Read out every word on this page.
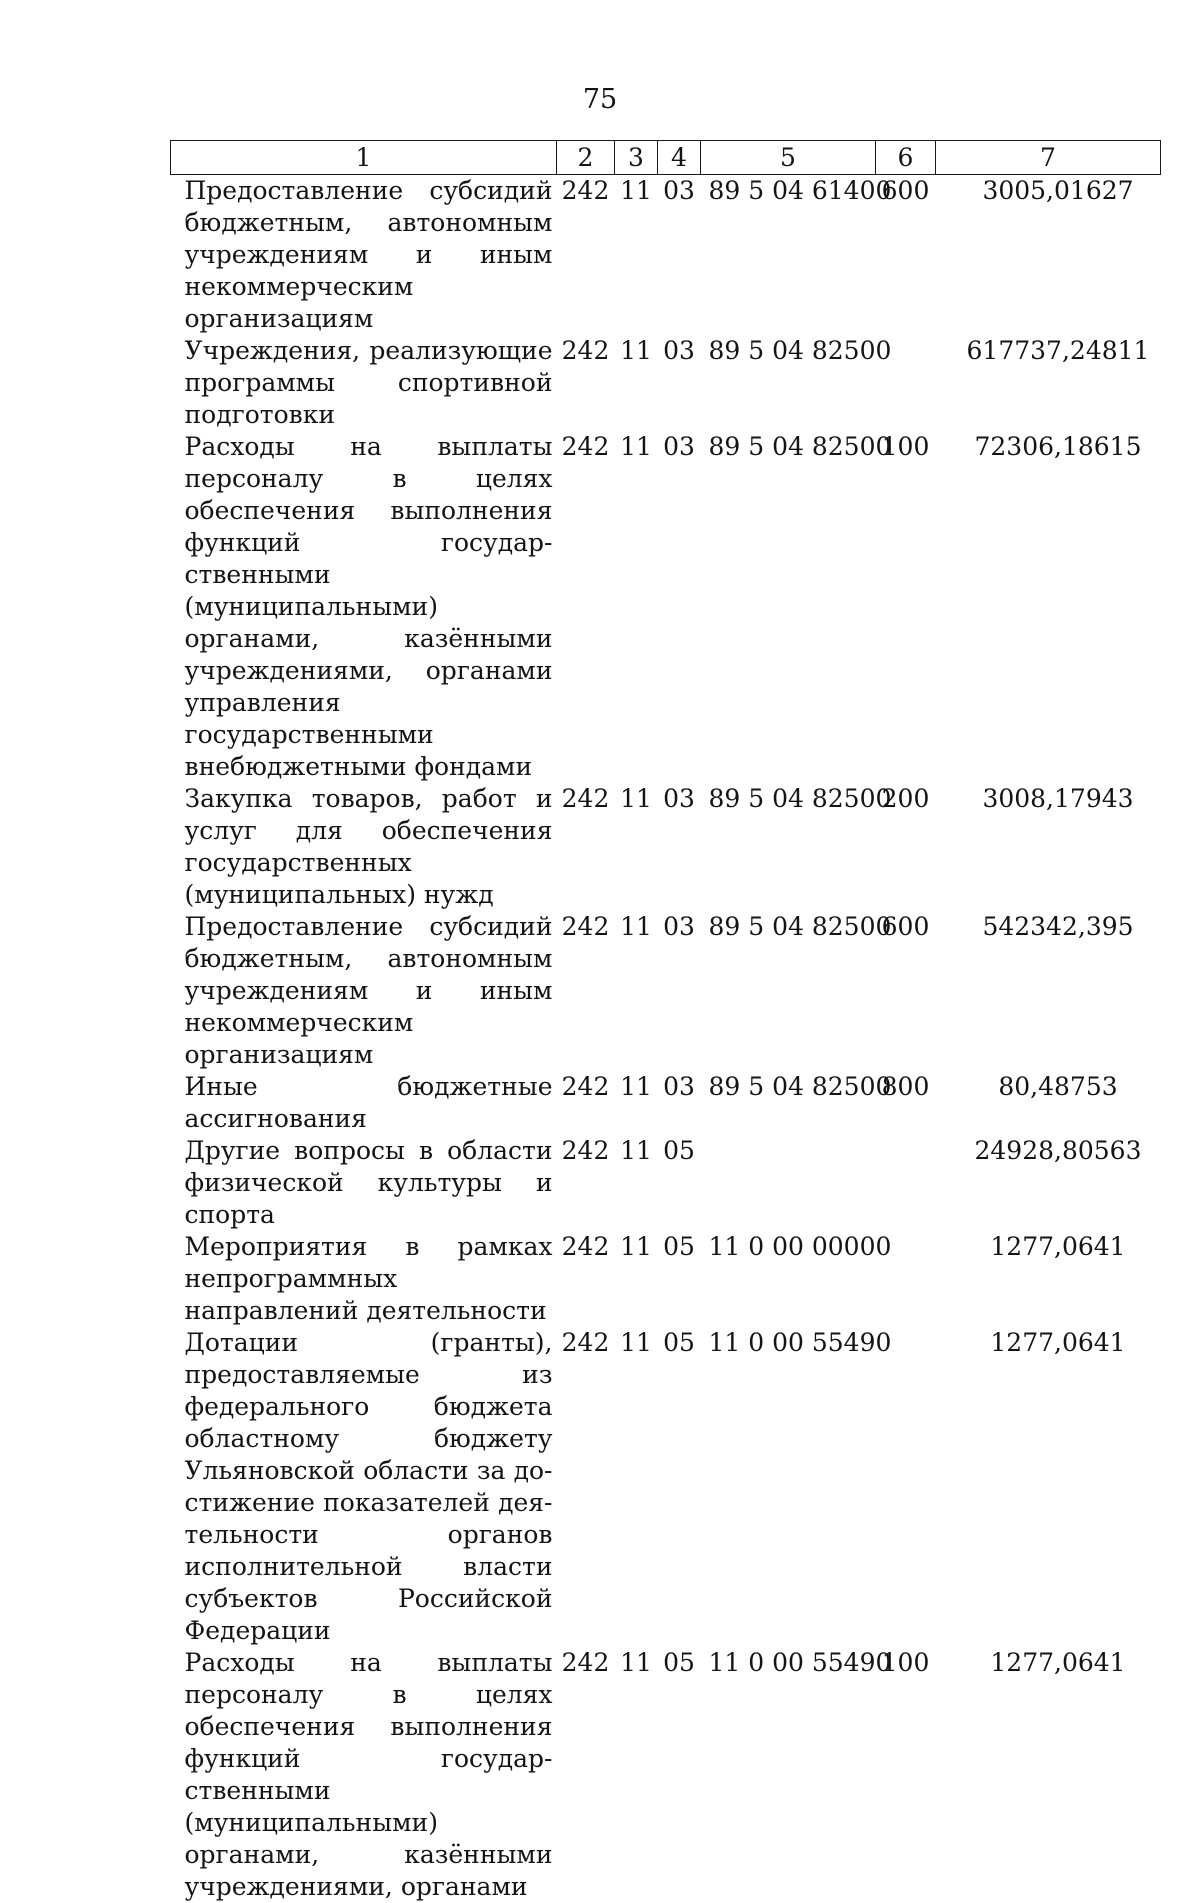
75
1	2	3	4	5	6	7
Предоставление субсидий бюджетным, автономным учреждениям и иным некоммерческим организациям	242	11	03	89 5 04 61400	600	3005,01627
Учреждения, реализующие программы спортивной подготовки	242	11	03	89 5 04 82500		617737,24811
Расходы на выплаты персоналу в целях обеспечения выполнения функций государственными (муниципальными) органами, казёнными учреждениями, органами управления государственными внебюджетными фондами	242	11	03	89 5 04 82500	100	72306,18615
Закупка товаров, работ и услуг для обеспечения государственных (муниципальных) нужд	242	11	03	89 5 04 82500	200	3008,17943
Предоставление субсидий бюджетным, автономным учреждениям и иным некоммерческим организациям	242	11	03	89 5 04 82500	600	542342,395
Иные бюджетные ассигнования	242	11	03	89 5 04 82500	800	80,48753
Другие вопросы в области физической культуры и спорта	242	11	05			24928,80563
Мероприятия в рамках непрограммных направлений деятельности	242	11	05	11 0 00 00000		1277,0641
Дотации (гранты), предоставляемые из федерального бюджета областному бюджету Ульяновской области за достижение показателей деятельности органов исполнительной власти субъектов Российской Федерации	242	11	05	11 0 00 55490		1277,0641
Расходы на выплаты персоналу в целях обеспечения выполнения функций государственными (муниципальными) органами, казёнными учреждениями, органами	242	11	05	11 0 00 55490	100	1277,0641
